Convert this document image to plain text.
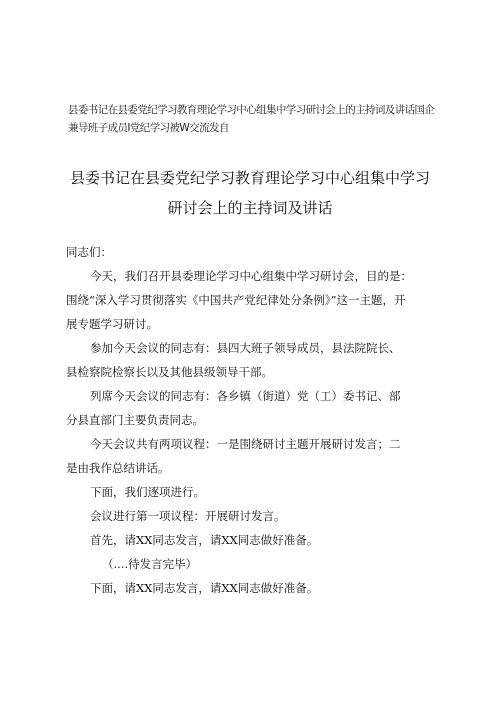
县委书记在县委党纪学习教育理论学习中心组集中学习研讨会上的主持词及讲话国企
兼导班子成员I党纪学习被W交流发自
县委书记在县委党纪学习教育理论学习中心组集中学习
研讨会上的主持词及讲话
同志们：
今天，我们召开县委理论学习中心组集中学习研讨会，目的是：
围绕“深入学习贯彻落实《中国共产党纪律处分条例》”这一主题，开
展专题学习研讨。
参加今天会议的同志有：县四大班子领导成员，县法院院长、
县检察院检察长以及其他县级领导干部。
列席今天会议的同志有：各乡镇（街道）党（工）委书记、部
分县直部门主要负责同志。
今天会议共有两项议程：一是围绕研讨主题开展研讨发言；二
是由我作总结讲话。
下面，我们逐项进行。
会议进行第一项议程：开展研讨发言。
首先，请XX同志发言，请XX同志做好准备。
（....待发言完毕）
下面，请XX同志发言，请XX同志做好准备。
